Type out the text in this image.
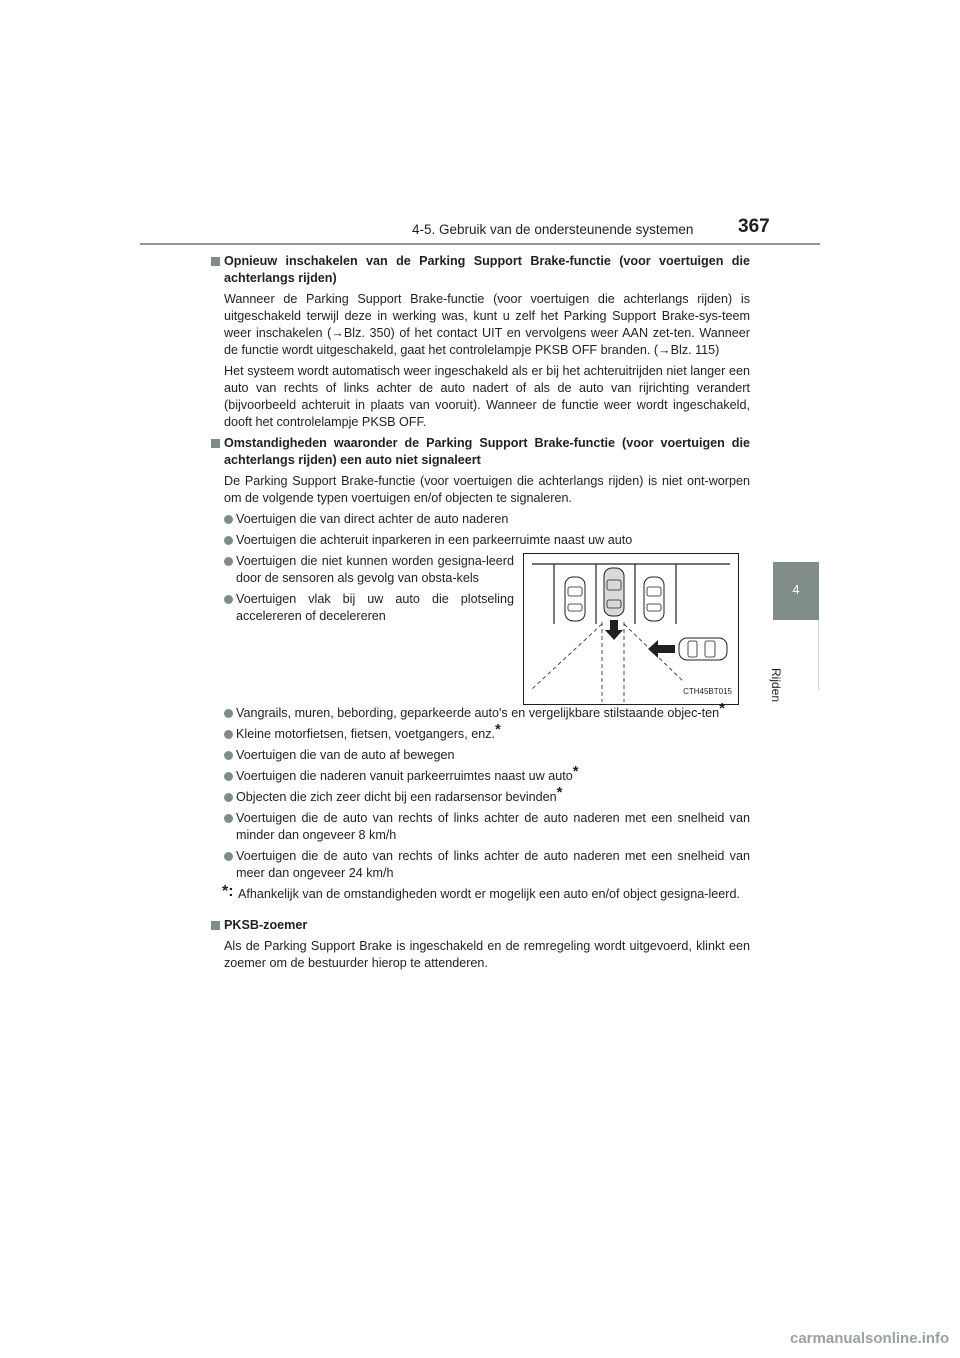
4-5. Gebruik van de ondersteunende systemen 367
4
Rijden
Opnieuw inschakelen van de Parking Support Brake-functie (voor voertuigen die achterlangs rijden)
Wanneer de Parking Support Brake-functie (voor voertuigen die achterlangs rijden) is uitgeschakeld terwijl deze in werking was, kunt u zelf het Parking Support Brake-sys-teem weer inschakelen (→Blz. 350) of het contact UIT en vervolgens weer AAN zet-ten. Wanneer de functie wordt uitgeschakeld, gaat het controlelampje PKSB OFF branden. (→Blz. 115)
Het systeem wordt automatisch weer ingeschakeld als er bij het achteruitrijden niet langer een auto van rechts of links achter de auto nadert of als de auto van rijrichting verandert (bijvoorbeeld achteruit in plaats van vooruit). Wanneer de functie weer wordt ingeschakeld, dooft het controlelampje PKSB OFF.
Omstandigheden waaronder de Parking Support Brake-functie (voor voertuigen die achterlangs rijden) een auto niet signaleert
De Parking Support Brake-functie (voor voertuigen die achterlangs rijden) is niet ont-worpen om de volgende typen voertuigen en/of objecten te signaleren.
Voertuigen die van direct achter de auto naderen
Voertuigen die achteruit inparkeren in een parkeerruimte naast uw auto
Voertuigen die niet kunnen worden gesigna-leerd door de sensoren als gevolg van obsta-kels
Voertuigen vlak bij uw auto die plotseling accelereren of decelereren
CTH45BT015
Vangrails, muren, bebording, geparkeerde auto's en vergelijkbare stilstaande objec-ten*
Kleine motorfietsen, fietsen, voetgangers, enz.*
Voertuigen die van de auto af bewegen
Voertuigen die naderen vanuit parkeerruimtes naast uw auto*
Objecten die zich zeer dicht bij een radarsensor bevinden*
Voertuigen die de auto van rechts of links achter de auto naderen met een snelheid van minder dan ongeveer 8 km/h
Voertuigen die de auto van rechts of links achter de auto naderen met een snelheid van meer dan ongeveer 24 km/h
*: Afhankelijk van de omstandigheden wordt er mogelijk een auto en/of object gesigna-leerd.
PKSB-zoemer
Als de Parking Support Brake is ingeschakeld en de remregeling wordt uitgevoerd, klinkt een zoemer om de bestuurder hierop te attenderen.
carmanualsonline.info
